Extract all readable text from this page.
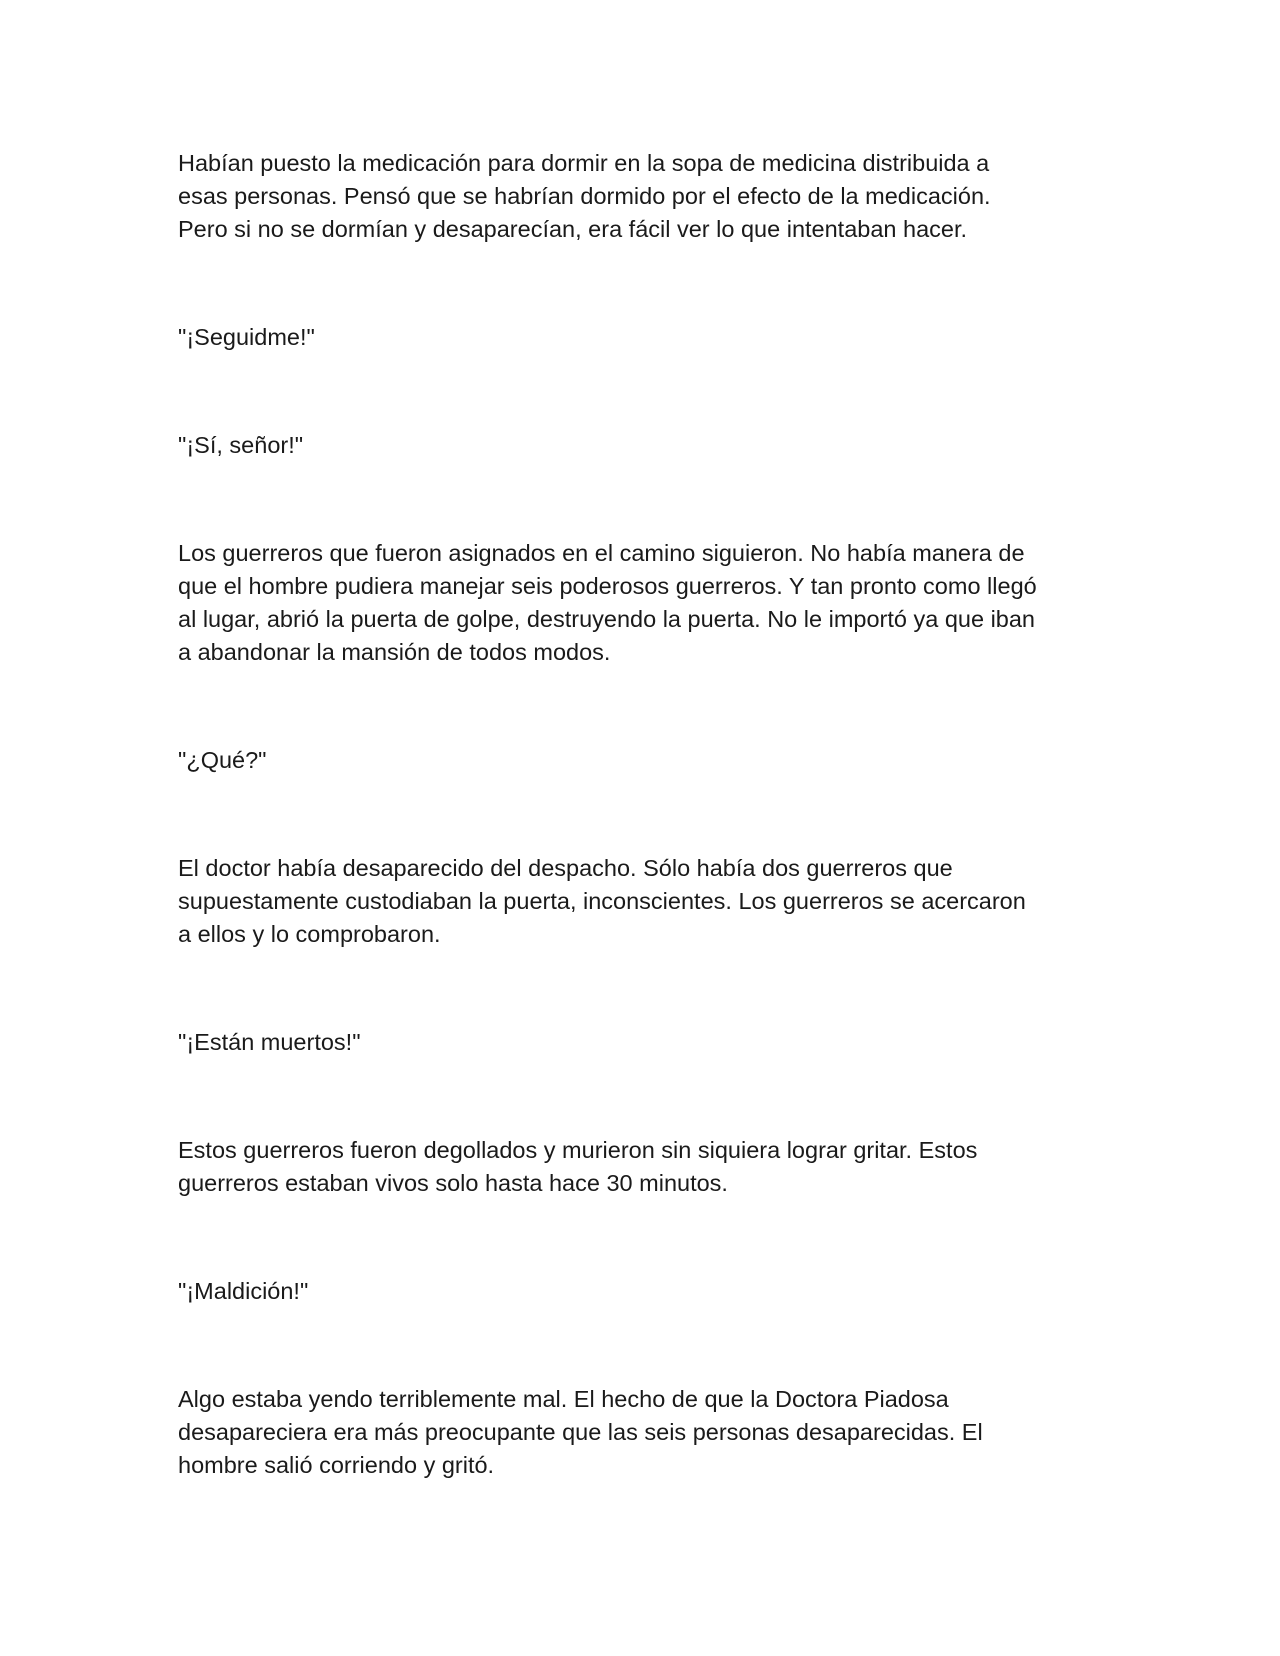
Habían puesto la medicación para dormir en la sopa de medicina distribuida a
esas personas. Pensó que se habrían dormido por el efecto de la medicación.
Pero si no se dormían y desaparecían, era fácil ver lo que intentaban hacer.

"¡Seguidme!"

"¡Sí, señor!"

Los guerreros que fueron asignados en el camino siguieron. No había manera de
que el hombre pudiera manejar seis poderosos guerreros. Y tan pronto como llegó
al lugar, abrió la puerta de golpe, destruyendo la puerta. No le importó ya que iban
a abandonar la mansión de todos modos.

"¿Qué?"

El doctor había desaparecido del despacho. Sólo había dos guerreros que
supuestamente custodiaban la puerta, inconscientes. Los guerreros se acercaron
a ellos y lo comprobaron.

"¡Están muertos!"

Estos guerreros fueron degollados y murieron sin siquiera lograr gritar. Estos
guerreros estaban vivos solo hasta hace 30 minutos.

"¡Maldición!"

Algo estaba yendo terriblemente mal. El hecho de que la Doctora Piadosa
desapareciera era más preocupante que las seis personas desaparecidas. El
hombre salió corriendo y gritó.
